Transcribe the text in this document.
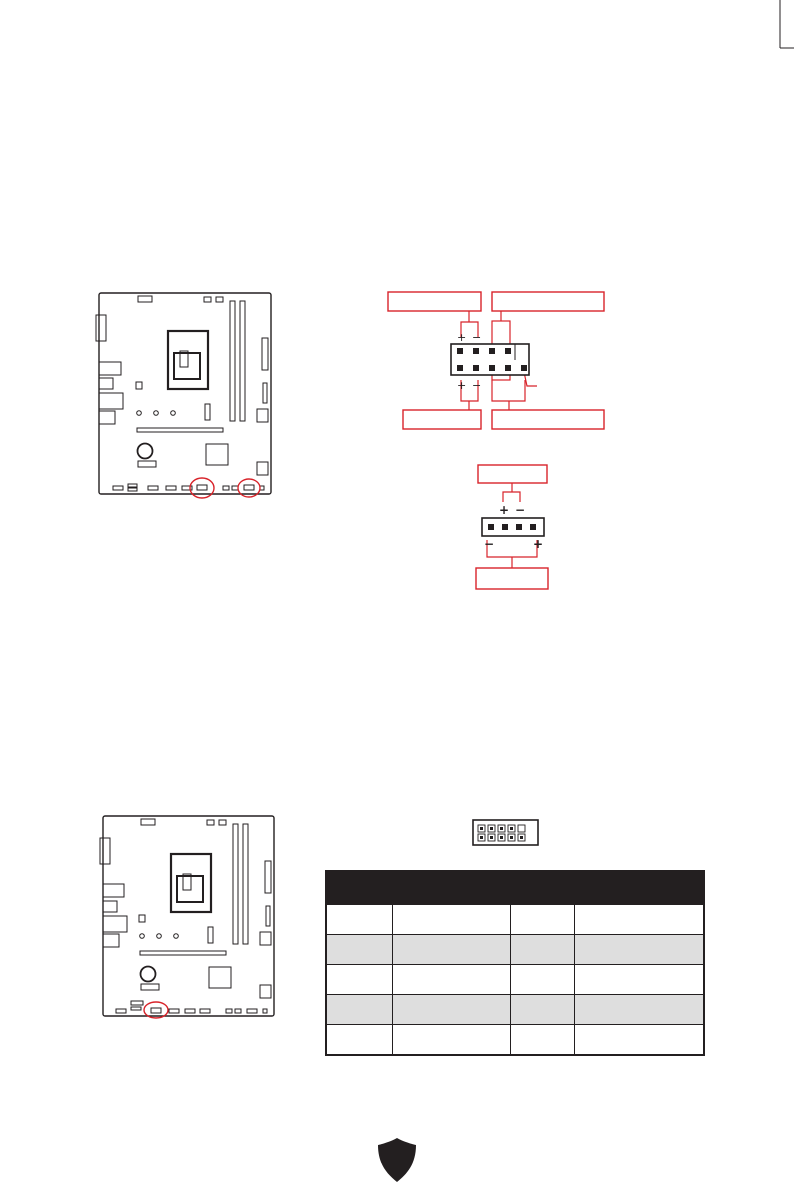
+ −
+ −
+ −
−	+
